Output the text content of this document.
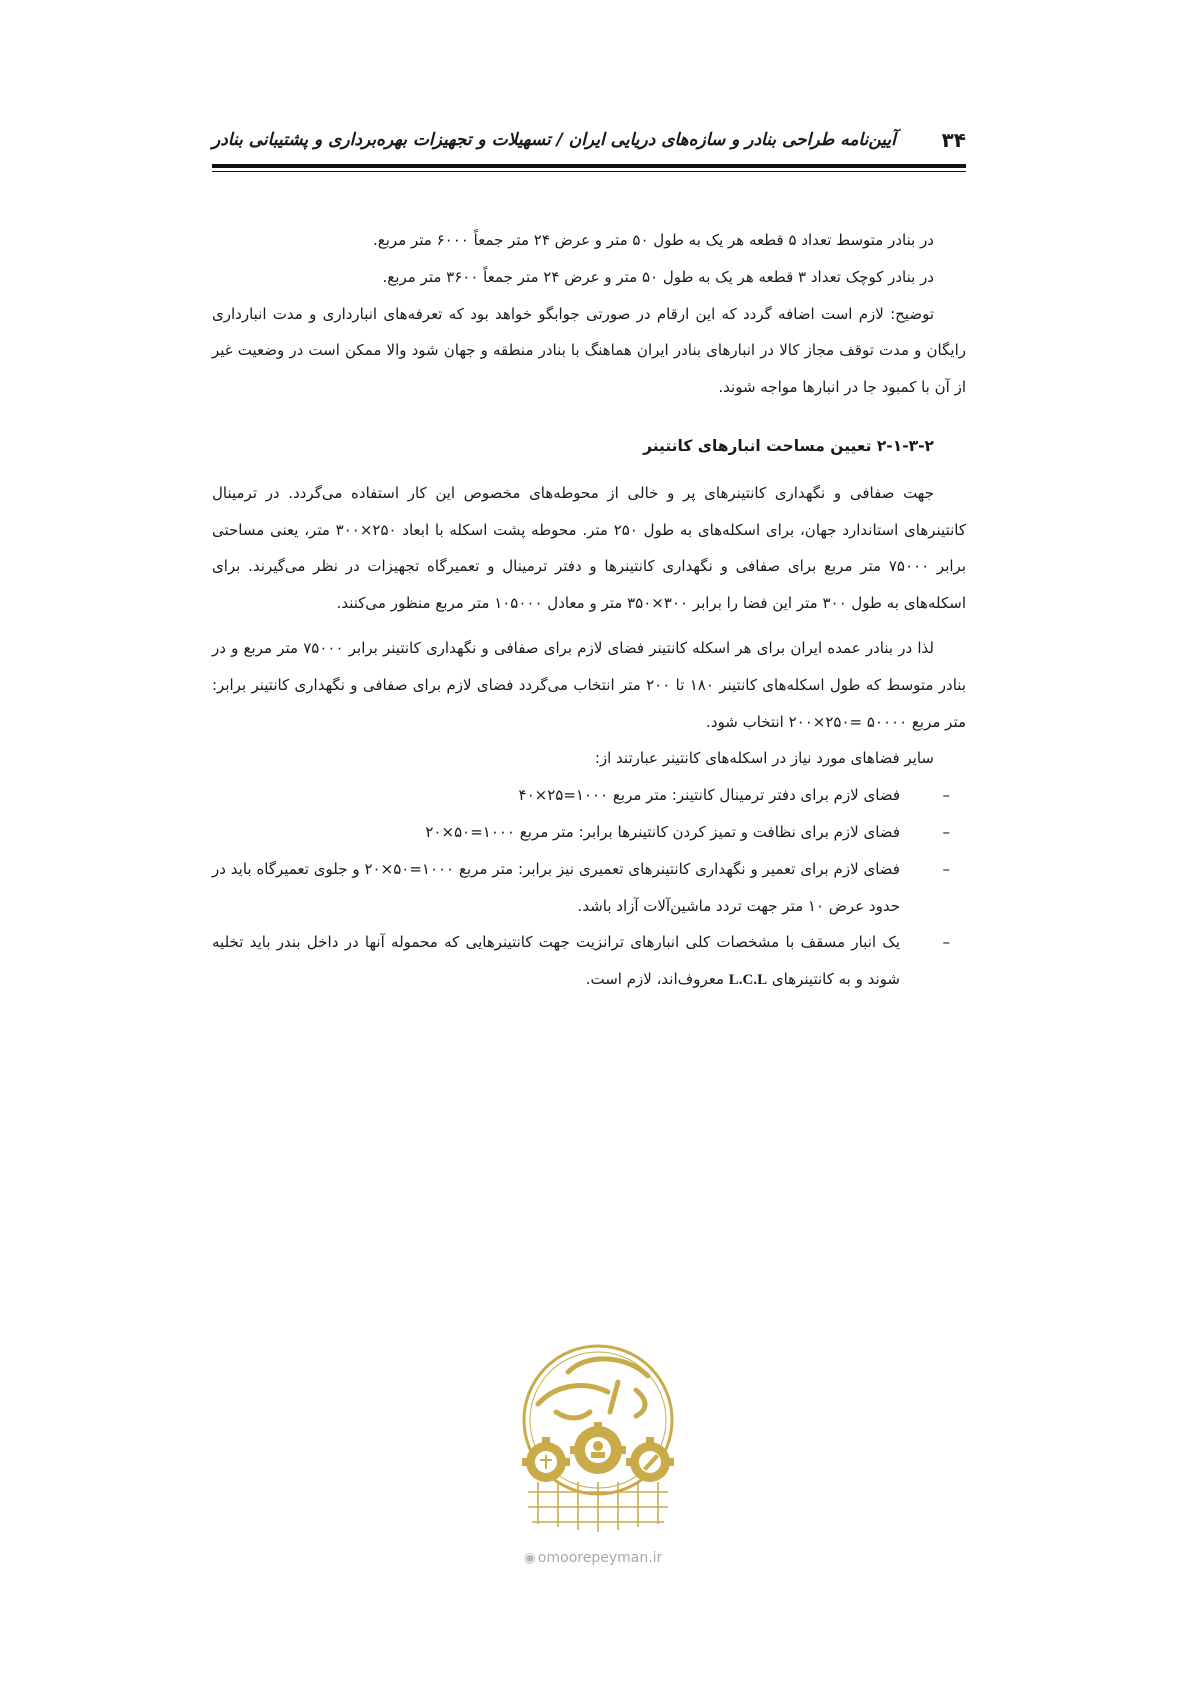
۳۴
آیین‌نامه طراحی بنادر و سازه‌های دریایی ایران / تسهیلات و تجهیزات بهره‌برداری و پشتیبانی بنادر

در بنادر متوسط تعداد ۵ قطعه هر یک به طول ۵۰ متر و عرض ۲۴ متر جمعاً ۶۰۰۰ متر مربع.

در بنادر کوچک تعداد ۳ قطعه هر یک به طول ۵۰ متر و عرض ۲۴ متر جمعاً ۳۶۰۰ متر مربع.

توضیح: لازم است اضافه گردد که این ارقام در صورتی جوابگو خواهد بود که تعرفه‌های انبارداری و مدت انبارداری رایگان و مدت توقف مجاز کالا در انبارهای بنادر ایران هماهنگ با بنادر منطقه و جهان شود والا ممکن است در وضعیت غیر از آن با کمبود جا در انبارها مواجه شوند.

۲-۱-۳-۲ تعیین مساحت انبارهای کانتینر

جهت صفافی و نگهداری کانتینرهای پر و خالی از محوطه‌های مخصوص این کار استفاده می‌گردد. در ترمینال کانتینرهای استاندارد جهان، برای اسکله‌های به طول ۲۵۰ متر. محوطه پشت اسکله با ابعاد ۲۵۰×۳۰۰ متر، یعنی مساحتی برابر ۷۵۰۰۰ متر مربع برای صفافی و نگهداری کانتینرها و دفتر ترمینال و تعمیرگاه تجهیزات در نظر می‌گیرند. برای اسکله‌های به طول ۳۰۰ متر این فضا را برابر ۳۰۰×۳۵۰ متر و معادل ۱۰۵۰۰۰ متر مربع منظور می‌کنند.

لذا در بنادر عمده ایران برای هر اسکله کانتینر فضای لازم برای صفافی و نگهداری کانتینر برابر ۷۵۰۰۰ متر مربع و در بنادر متوسط که طول اسکله‌های کانتینر ۱۸۰ تا ۲۰۰ متر انتخاب می‌گردد فضای لازم برای صفافی و نگهداری کانتینر برابر: متر مربع ۵۰۰۰۰ =۲۵۰×۲۰۰ انتخاب شود.

سایر فضاهای مورد نیاز در اسکله‌های کانتینر عبارتند از:

–
فضای لازم برای دفتر ترمینال کانتینر: متر مربع ۱۰۰۰=۲۵×۴۰
–
فضای لازم برای نظافت و تمیز کردن کانتینرها برابر: متر مربع ۱۰۰۰=۵۰×۲۰
–
فضای لازم برای تعمیر و نگهداری کانتینرهای تعمیری نیز برابر: متر مربع ۱۰۰۰=۵۰×۲۰ و جلوی تعمیرگاه باید در حدود عرض ۱۰ متر جهت تردد ماشین‌آلات آزاد باشد.
–
یک انبار مسقف با مشخصات کلی انبارهای ترانزیت جهت کانتینرهایی که محموله آنها در داخل بندر باید تخلیه شوند و به کانتینرهای L.C.L معروف‌اند، لازم است.
◉ omoorepeyman.ir
